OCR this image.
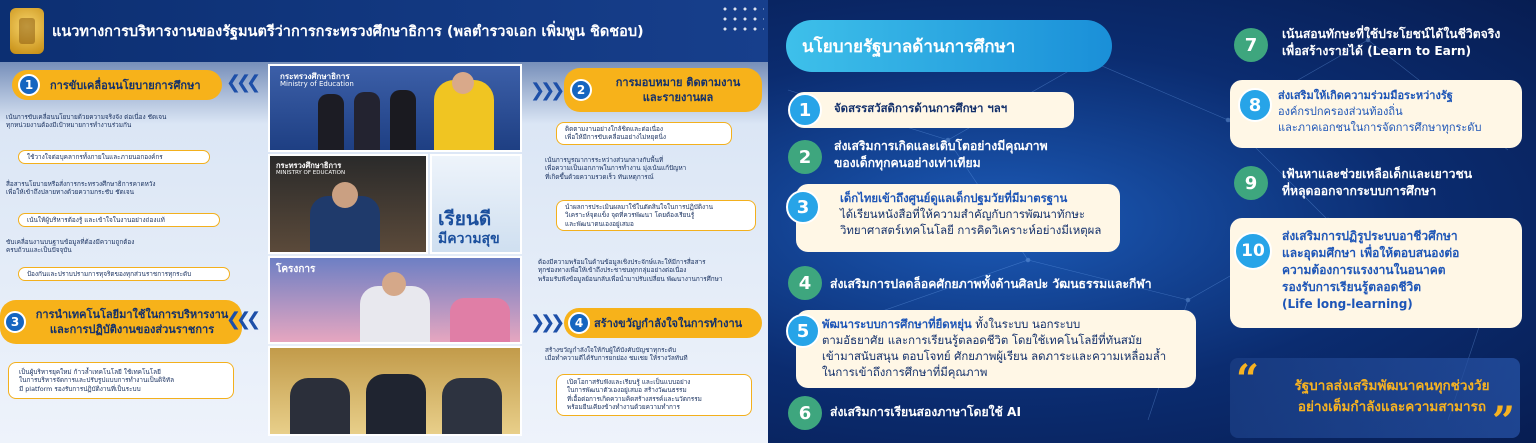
แนวทางการบริหารงานของรัฐมนตรีว่าการกระทรวงศึกษาธิการ (พลตำรวจเอก เพิ่มพูน ชิดชอบ)
1	การขับเคลื่อนนโยบายการศึกษา ❮❮❮
เน้นการขับเคลื่อนนโยบายด้วยความจริงจัง ต่อเนื่อง ชัดเจน
ทุกหน่วยงานต้องมีเป้าหมายการทำงานร่วมกัน
ใช้วางใจต่อบุคลากรทั้งภายในและภายนอกองค์กร
สื่อสารนโยบายหรือสั่งการกระทรวงศึกษาธิการคาดหวัง
เพื่อให้เข้าถึงปลายทางด้วยความกระชับ ชัดเจน
เน้นให้ผู้บริหารต้องรู้ และเข้าใจในงานอย่างถ่องแท้
ขับเคลื่อนงานบนฐานข้อมูลที่ต้องมีความถูกต้อง
ครบถ้วนและเป็นปัจจุบัน
ป้องกันและปราบปรามการทุจริตของทุกส่วนราชการทุกระดับ
3
การนำเทคโนโลยีมาใช้ในการบริหารงาน
และการปฏิบัติงานของส่วนราชการ ❮❮❮
เป็นผู้บริหารยุคใหม่ ก้าวล้ำเทคโนโลยี ใช้เทคโนโลยี
ในการบริหารจัดการและปรับรูปแบบการทำงานเป็นดิจิทัล
มี platform รองรับการปฏิบัติงานที่เป็นระบบ
กระทรวงศึกษาธิการ
Ministry of Education
กระทรวงศึกษาธิการ
MINISTRY OF EDUCATION
เรียนดี
มีความสุข
โครงการ
❯❯❯	2
การมอบหมาย ติดตามงาน
และรายงานผล
ติดตามงานอย่างใกล้ชิดและต่อเนื่อง
เพื่อให้มีการขับเคลื่อนอย่างไม่หยุดนิ่ง
เน้นการบูรณาการระหว่างส่วนกลางกับพื้นที่
เพื่อความเป็นเอกภาพในการทำงาน มุ่งเน้นแก้ปัญหา
ที่เกิดขึ้นด้วยความรวดเร็ว ทันเหตุการณ์
นำผลการประเมินผลมาใช้ในตัดสินใจในการปฏิบัติงาน
วิเคราะห์จุดแข็ง จุดที่ควรพัฒนา โดยต้องเรียนรู้
และพัฒนาตนเองอยู่เสมอ
ต้องมีความพร้อมในด้านข้อมูลเชิงประจักษ์และให้มีการสื่อสาร
ทุกช่องทางเพื่อให้เข้าถึงประชาชนทุกกลุ่มอย่างต่อเนื่อง
พร้อมรับฟังข้อมูลย้อนกลับเพื่อนำมาปรับเปลี่ยน พัฒนางานการศึกษา
❯❯❯	4 สร้างขวัญกำลังใจในการทำงาน
สร้างขวัญกำลังใจให้กับผู้ใต้บังคับบัญชาทุกระดับ
เมื่อทำความดีได้รับการยกย่อง ชมเชย ให้รางวัลทันที
เปิดโอกาสรับฟังและเรียนรู้ และเป็นแบบอย่าง
ในการพัฒนาตัวเองอยู่เสมอ สร้างวัฒนธรรม
ที่เอื้อต่อการเกิดความคิดสร้างสรรค์และนวัตกรรม
พร้อมยืนเคียงข้างทำงานด้วยความทำการ
นโยบายรัฐบาลด้านการศึกษา
จัดสรรสวัสดิการด้านการศึกษา ฯลฯ
1
2
ส่งเสริมการเกิดและเติบโตอย่างมีคุณภาพ
ของเด็กทุกคนอย่างเท่าเทียม
เด็กไทยเข้าถึงศูนย์ดูแลเด็กปฐมวัยที่มีมาตรฐาน
ได้เรียนหนังสือที่ให้ความสำคัญกับการพัฒนาทักษะ
วิทยาศาสตร์เทคโนโลยี การคิดวิเคราะห์อย่างมีเหตุผล
3
4	ส่งเสริมการปลดล็อคศักยภาพทั้งด้านศิลปะ วัฒนธรรมและกีฬา
พัฒนาระบบการศึกษาที่ยืดหยุ่น ทั้งในระบบ นอกระบบ
ตามอัธยาศัย และการเรียนรู้ตลอดชีวิต โดยใช้เทคโนโลยีที่ทันสมัย
เข้ามาสนับสนุน ตอบโจทย์ ศักยภาพผู้เรียน ลดภาระและความเหลื่อมล้ำ
ในการเข้าถึงการศึกษาที่มีคุณภาพ
5
6	ส่งเสริมการเรียนสองภาษาโดยใช้ AI
7
เน้นสอนทักษะที่ใช้ประโยชน์ได้ในชีวิตจริง
เพื่อสร้างรายได้ (Learn to Earn)
ส่งเสริมให้เกิดความร่วมมือระหว่างรัฐ
องค์กรปกครองส่วนท้องถิ่น
และภาคเอกชนในการจัดการศึกษาทุกระดับ
8
9	เฟ้นหาและช่วยเหลือเด็กและเยาวชน
ที่หลุดออกจากระบบการศึกษา
ส่งเสริมการปฏิรูประบบอาชีวศึกษา
และอุดมศึกษา เพื่อให้ตอบสนองต่อ
ความต้องการแรงงานในอนาคต
รองรับการเรียนรู้ตลอดชีวิต
(Life long-learning)
10
“	รัฐบาลส่งเสริมพัฒนาคนทุกช่วงวัย
อย่างเต็มกำลังและความสามารถ ”
